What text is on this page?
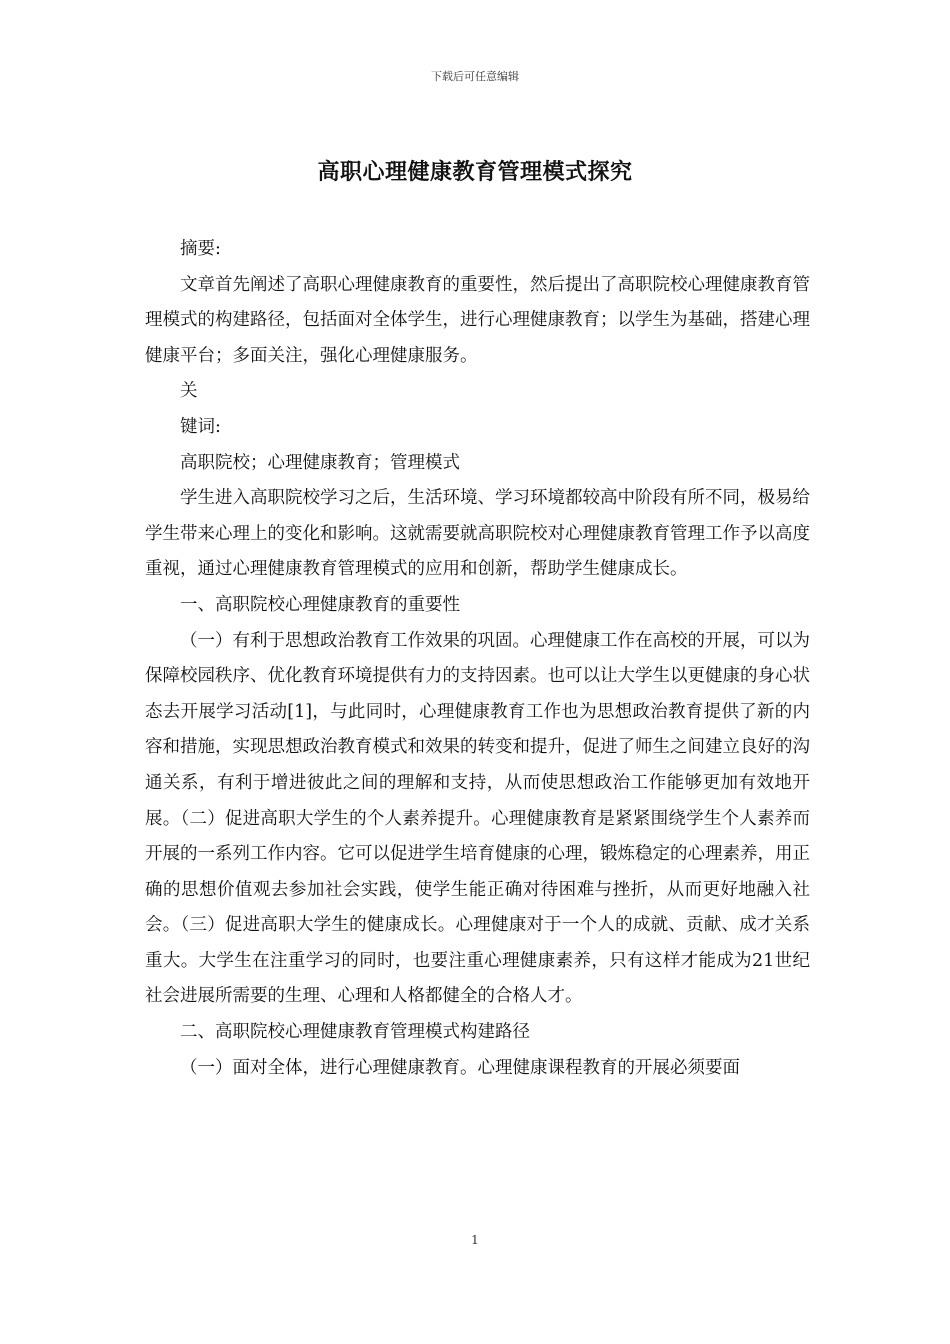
下载后可任意编辑
高职心理健康教育管理模式探究

摘要:

文章首先阐述了高职心理健康教育的重要性，然后提出了高职院校心理健康教育管理模式的构建路径，包括面对全体学生，进行心理健康教育；以学生为基础，搭建心理健康平台；多面关注，强化心理健康服务。

关

键词:

高职院校；心理健康教育；管理模式

学生进入高职院校学习之后，生活环境、学习环境都较高中阶段有所不同，极易给学生带来心理上的变化和影响。这就需要就高职院校对心理健康教育管理工作予以高度重视，通过心理健康教育管理模式的应用和创新，帮助学生健康成长。

一、高职院校心理健康教育的重要性

（一）有利于思想政治教育工作效果的巩固。心理健康工作在高校的开展，可以为保障校园秩序、优化教育环境提供有力的支持因素。也可以让大学生以更健康的身心状态去开展学习活动[1]，与此同时，心理健康教育工作也为思想政治教育提供了新的内容和措施，实现思想政治教育模式和效果的转变和提升，促进了师生之间建立良好的沟通关系，有利于增进彼此之间的理解和支持，从而使思想政治工作能够更加有效地开展。（二）促进高职大学生的个人素养提升。心理健康教育是紧紧围绕学生个人素养而开展的一系列工作内容。它可以促进学生培育健康的心理，锻炼稳定的心理素养，用正确的思想价值观去参加社会实践，使学生能正确对待困难与挫折，从而更好地融入社会。（三）促进高职大学生的健康成长。心理健康对于一个人的成就、贡献、成才关系重大。大学生在注重学习的同时，也要注重心理健康素养，只有这样才能成为21世纪社会进展所需要的生理、心理和人格都健全的合格人才。

二、高职院校心理健康教育管理模式构建路径

（一）面对全体，进行心理健康教育。心理健康课程教育的开展必须要面

1
